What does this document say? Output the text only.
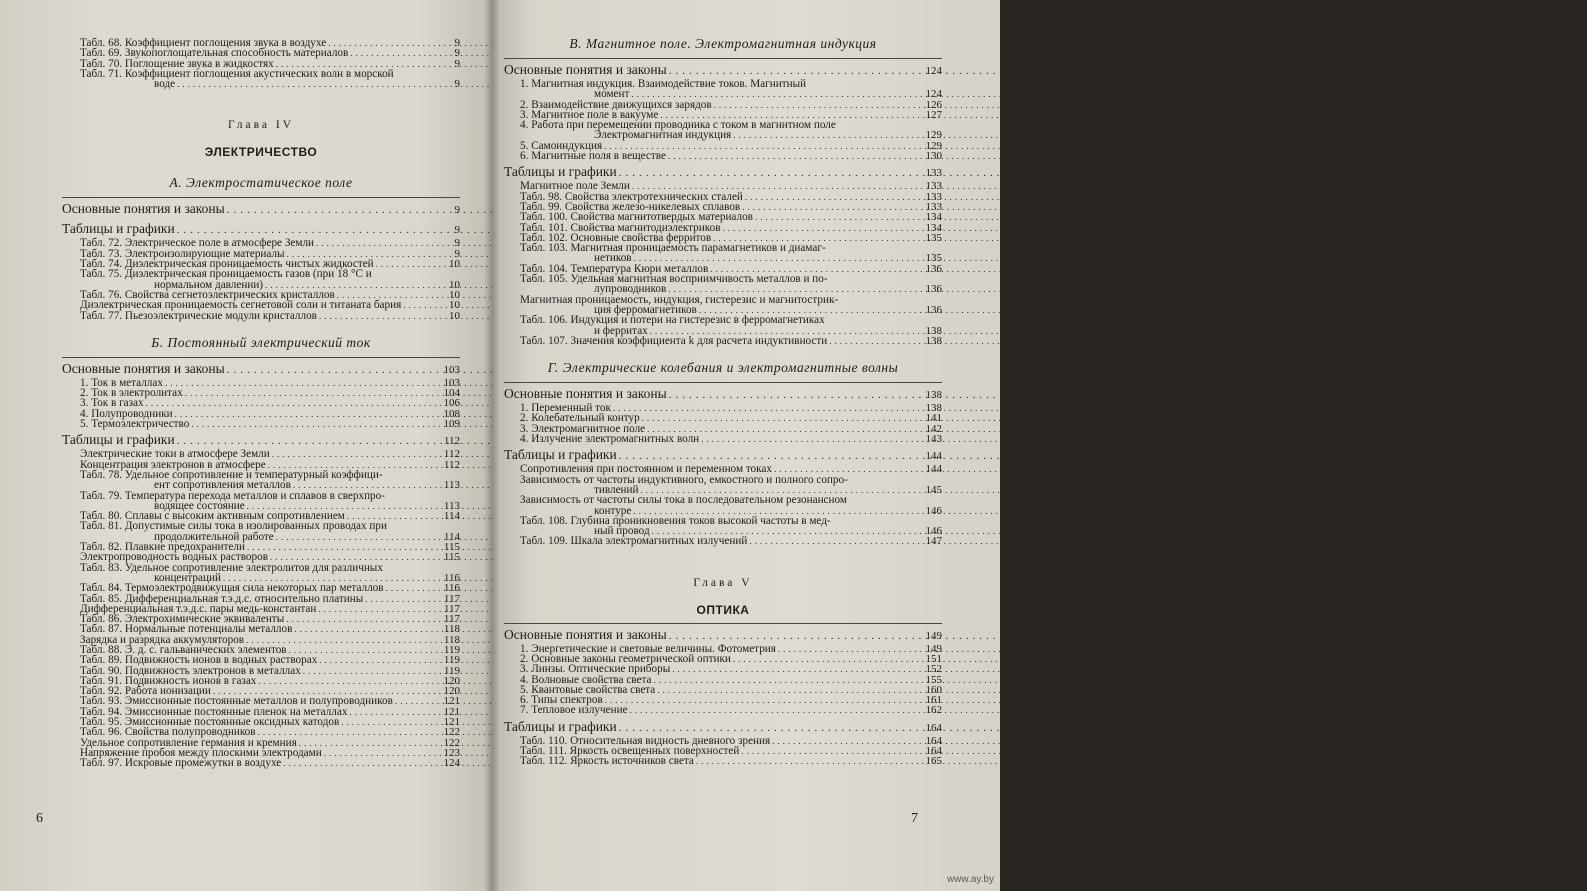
Табл. 68. Коэффициент поглощения звука в воздухе .....	9
Табл. 69. Звукопоглощательная способность материалов .....	9
Табл. 70. Поглощение звука в жидкостях .....	9
Табл. 71. Коэффициент поглощения акустических волн в морской
воде .....	9
Глава IV
ЭЛЕКТРИЧЕСТВО
А. Электростатическое поле
Основные понятия и законы .....	9
Таблицы и графики .....	9
Табл. 72. Электрическое поле в атмосфере Земли .....	9
Табл. 73. Электроизолирующие материалы .....	9
Табл. 74. Диэлектрическая проницаемость чистых жидкостей .....	10
Табл. 75. Диэлектрическая проницаемость газов (при 18 °С и
нормальном давлении) .....	10
Табл. 76. Свойства сегнетоэлектрических кристаллов .....	10
Диэлектрическая проницаемость сегнетовой соли и титаната бария .....	10
Табл. 77. Пьезоэлектрические модули кристаллов .....	10
Б. Постоянный электрический ток
Основные понятия и законы .....	103
1. Ток в металлах .....	103
2. Ток в электролитах .....	104
3. Ток в газах .....	106
4. Полупроводники .....	108
5. Термоэлектричество .....	109
Таблицы и графики .....	112
Электрические токи в атмосфере Земли .....	112
Концентрация электронов в атмосфере .....	112
Табл. 78. Удельное сопротивление и температурный коэффици-
ент сопротивления металлов .....	113
Табл. 79. Температура перехода металлов и сплавов в сверхпро-
водящее состояние .....	113
Табл. 80. Сплавы с высоким активным сопротивлением .....	114
Табл. 81. Допустимые силы тока в изолированных проводах при
продолжительной работе .....	114
Табл. 82. Плавкие предохранители .....	115
Электропроводность водных растворов .....	115
Табл. 83. Удельное сопротивление электролитов для различных
концентраций .....	116
Табл. 84. Термоэлектродвижущая сила некоторых пар металлов .....	116
Табл. 85. Дифференциальная т.э.д.с. относительно платины .....	117
Дифференциальная т.э.д.с. пары медь-константан .....	117
Табл. 86. Электрохимические эквиваленты .....	117
Табл. 87. Нормальные потенциалы металлов .....	118
Зарядка и разрядка аккумуляторов .....	118
Табл. 88. Э. д. с. гальванических элементов .....	119
Табл. 89. Подвижность ионов в водных растворах .....	119
Табл. 90. Подвижность электронов в металлах .....	119
Табл. 91. Подвижность ионов в газах .....	120
Табл. 92. Работа ионизации .....	120
Табл. 93. Эмиссионные постоянные металлов и полупроводников .....	121
Табл. 94. Эмиссионные постоянные пленок на металлах .....	121
Табл. 95. Эмиссионные постоянные оксидных катодов .....	121
Табл. 96. Свойства полупроводников .....	122
Удельное сопротивление германия и кремния .....	122
Напряжение пробоя между плоскими электродами .....	123
Табл. 97. Искровые промежутки в воздухе .....	124
6
В. Магнитное поле. Электромагнитная индукция
Основные понятия и законы .....	124
1. Магнитная индукция. Взаимодействие токов. Магнитный
момент .....	124
2. Взаимодействие движущихся зарядов .....	126
3. Магнитное поле в вакууме .....	127
4. Работа при перемещении проводника с током в магнитном поле
Электромагнитная индукция .....	129
5. Самоиндукция .....	129
6. Магнитные поля в веществе .....	130
Таблицы и графики .....	133
Магнитное поле Земли .....	133
Табл. 98. Свойства электротехнических сталей .....	133
Табл. 99. Свойства железо-никелевых сплавов .....	133
Табл. 100. Свойства магнитотвердых материалов .....	134
Табл. 101. Свойства магнитодиэлектриков .....	134
Табл. 102. Основные свойства ферритов .....	135
Табл. 103. Магнитная проницаемость парамагнетиков и диамаг-
нетиков .....	135
Табл. 104. Температура Кюри металлов .....	136
Табл. 105. Удельная магнитная восприимчивость металлов и по-
лупроводников .....	136
Магнитная проницаемость, индукция, гистерезис и магнитострик-
ция ферромагнетиков .....	136
Табл. 106. Индукция и потери на гистерезис в ферромагнетиках
и ферритах .....	138
Табл. 107. Значения коэффициента k для расчета индуктивности .....	138
Г. Электрические колебания и электромагнитные волны
Основные понятия и законы .....	138
1. Переменный ток .....	138
2. Колебательный контур .....	141
3. Электромагнитное поле .....	142
4. Излучение электромагнитных волн .....	143
Таблицы и графики .....	144
Сопротивления при постоянном и переменном токах .....	144
Зависимость от частоты индуктивного, емкостного и полного сопро-
тивлений .....	145
Зависимость от частоты силы тока в последовательном резонансном
контуре .....	146
Табл. 108. Глубина проникновения токов высокой частоты в мед-
ный провод .....	146
Табл. 109. Шкала электромагнитных излучений .....	147
Глава V
ОПТИКА
Основные понятия и законы .....	149
1. Энергетические и световые величины. Фотометрия .....	149
2. Основные законы геометрической оптики .....	151
3. Линзы. Оптические приборы .....	152
4. Волновые свойства света .....	155
5. Квантовые свойства света .....	160
6. Типы спектров .....	161
7. Тепловое излучение .....	162
Таблицы и графики .....	164
Табл. 110. Относительная видность дневного зрения .....	164
Табл. 111. Яркость освещенных поверхностей .....	164
Табл. 112. Яркость источников света .....	165
7
www.ay.by
